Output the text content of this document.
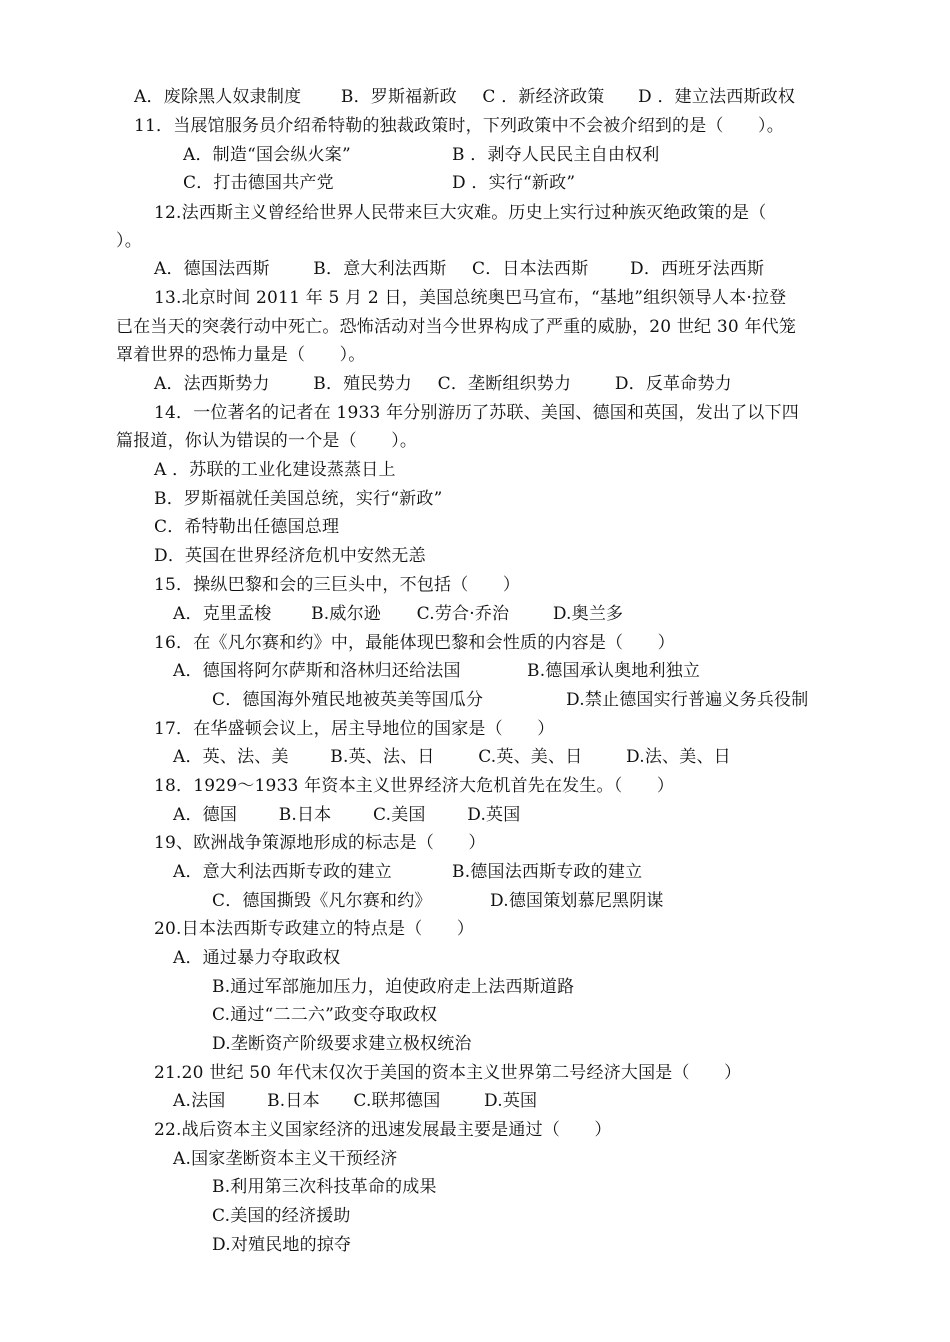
A．废除黑人奴隶制度 B．罗斯福新政 C ．新经济政策 D ．建立法西斯政权
11．当展馆服务员介绍希特勒的独裁政策时，下列政策中不会被介绍到的是（　　）。
A．制造“国会纵火案”	B ．剥夺人民民主自由权利
C．打击德国共产党	D ．实行“新政”
12.法西斯主义曾经给世界人民带来巨大灾难。历史上实行过种族灭绝政策的是（
）。
A．德国法西斯	B．意大利法西斯 C．日本法西斯 D．西班牙法西斯
13.北京时间 2011 年 5 月 2 日，美国总统奥巴马宣布，“基地”组织领导人本·拉登
已在当天的突袭行动中死亡。恐怖活动对当今世界构成了严重的威胁，20 世纪 30 年代笼
罩着世界的恐怖力量是（　　）。
A．法西斯势力	B．殖民势力 C．垄断组织势力	D．反革命势力
14．一位著名的记者在 1933 年分别游历了苏联、美国、德国和英国，发出了以下四
篇报道，你认为错误的一个是（　　）。
A ．苏联的工业化建设蒸蒸日上
B．罗斯福就任美国总统，实行“新政”
C．希特勒出任德国总理
D．英国在世界经济危机中安然无恙
15．操纵巴黎和会的三巨头中，不包括（　　）
A．克里孟梭 B.威尔逊 C.劳合·乔治	D.奥兰多
16．在《凡尔赛和约》中，最能体现巴黎和会性质的内容是（　　）
A．德国将阿尔萨斯和洛林归还给法国	B.德国承认奥地利独立
C．德国海外殖民地被英美等国瓜分	D.禁止德国实行普遍义务兵役制
17．在华盛顿会议上，居主导地位的国家是（　　）
A．英、法、美 B.英、法、日	C.英、美、日	D.法、美、日
18．1929～1933 年资本主义世界经济大危机首先在发生。（　　）
A．德国 B.日本 C.美国 D.英国
19、欧洲战争策源地形成的标志是（　　）
A．意大利法西斯专政的建立	B.德国法西斯专政的建立
C．德国撕毁《凡尔赛和约》	D.德国策划慕尼黑阴谋
20.日本法西斯专政建立的特点是（　　）
A．通过暴力夺取政权
B.通过军部施加压力，迫使政府走上法西斯道路
C.通过“二二六”政变夺取政权
D.垄断资产阶级要求建立极权统治
21.20 世纪 50 年代末仅次于美国的资本主义世界第二号经济大国是（　　）
A.法国 B.日本 C.联邦德国	D.英国
22.战后资本主义国家经济的迅速发展最主要是通过（　　）
A.国家垄断资本主义干预经济
B.利用第三次科技革命的成果
C.美国的经济援助
D.对殖民地的掠夺
